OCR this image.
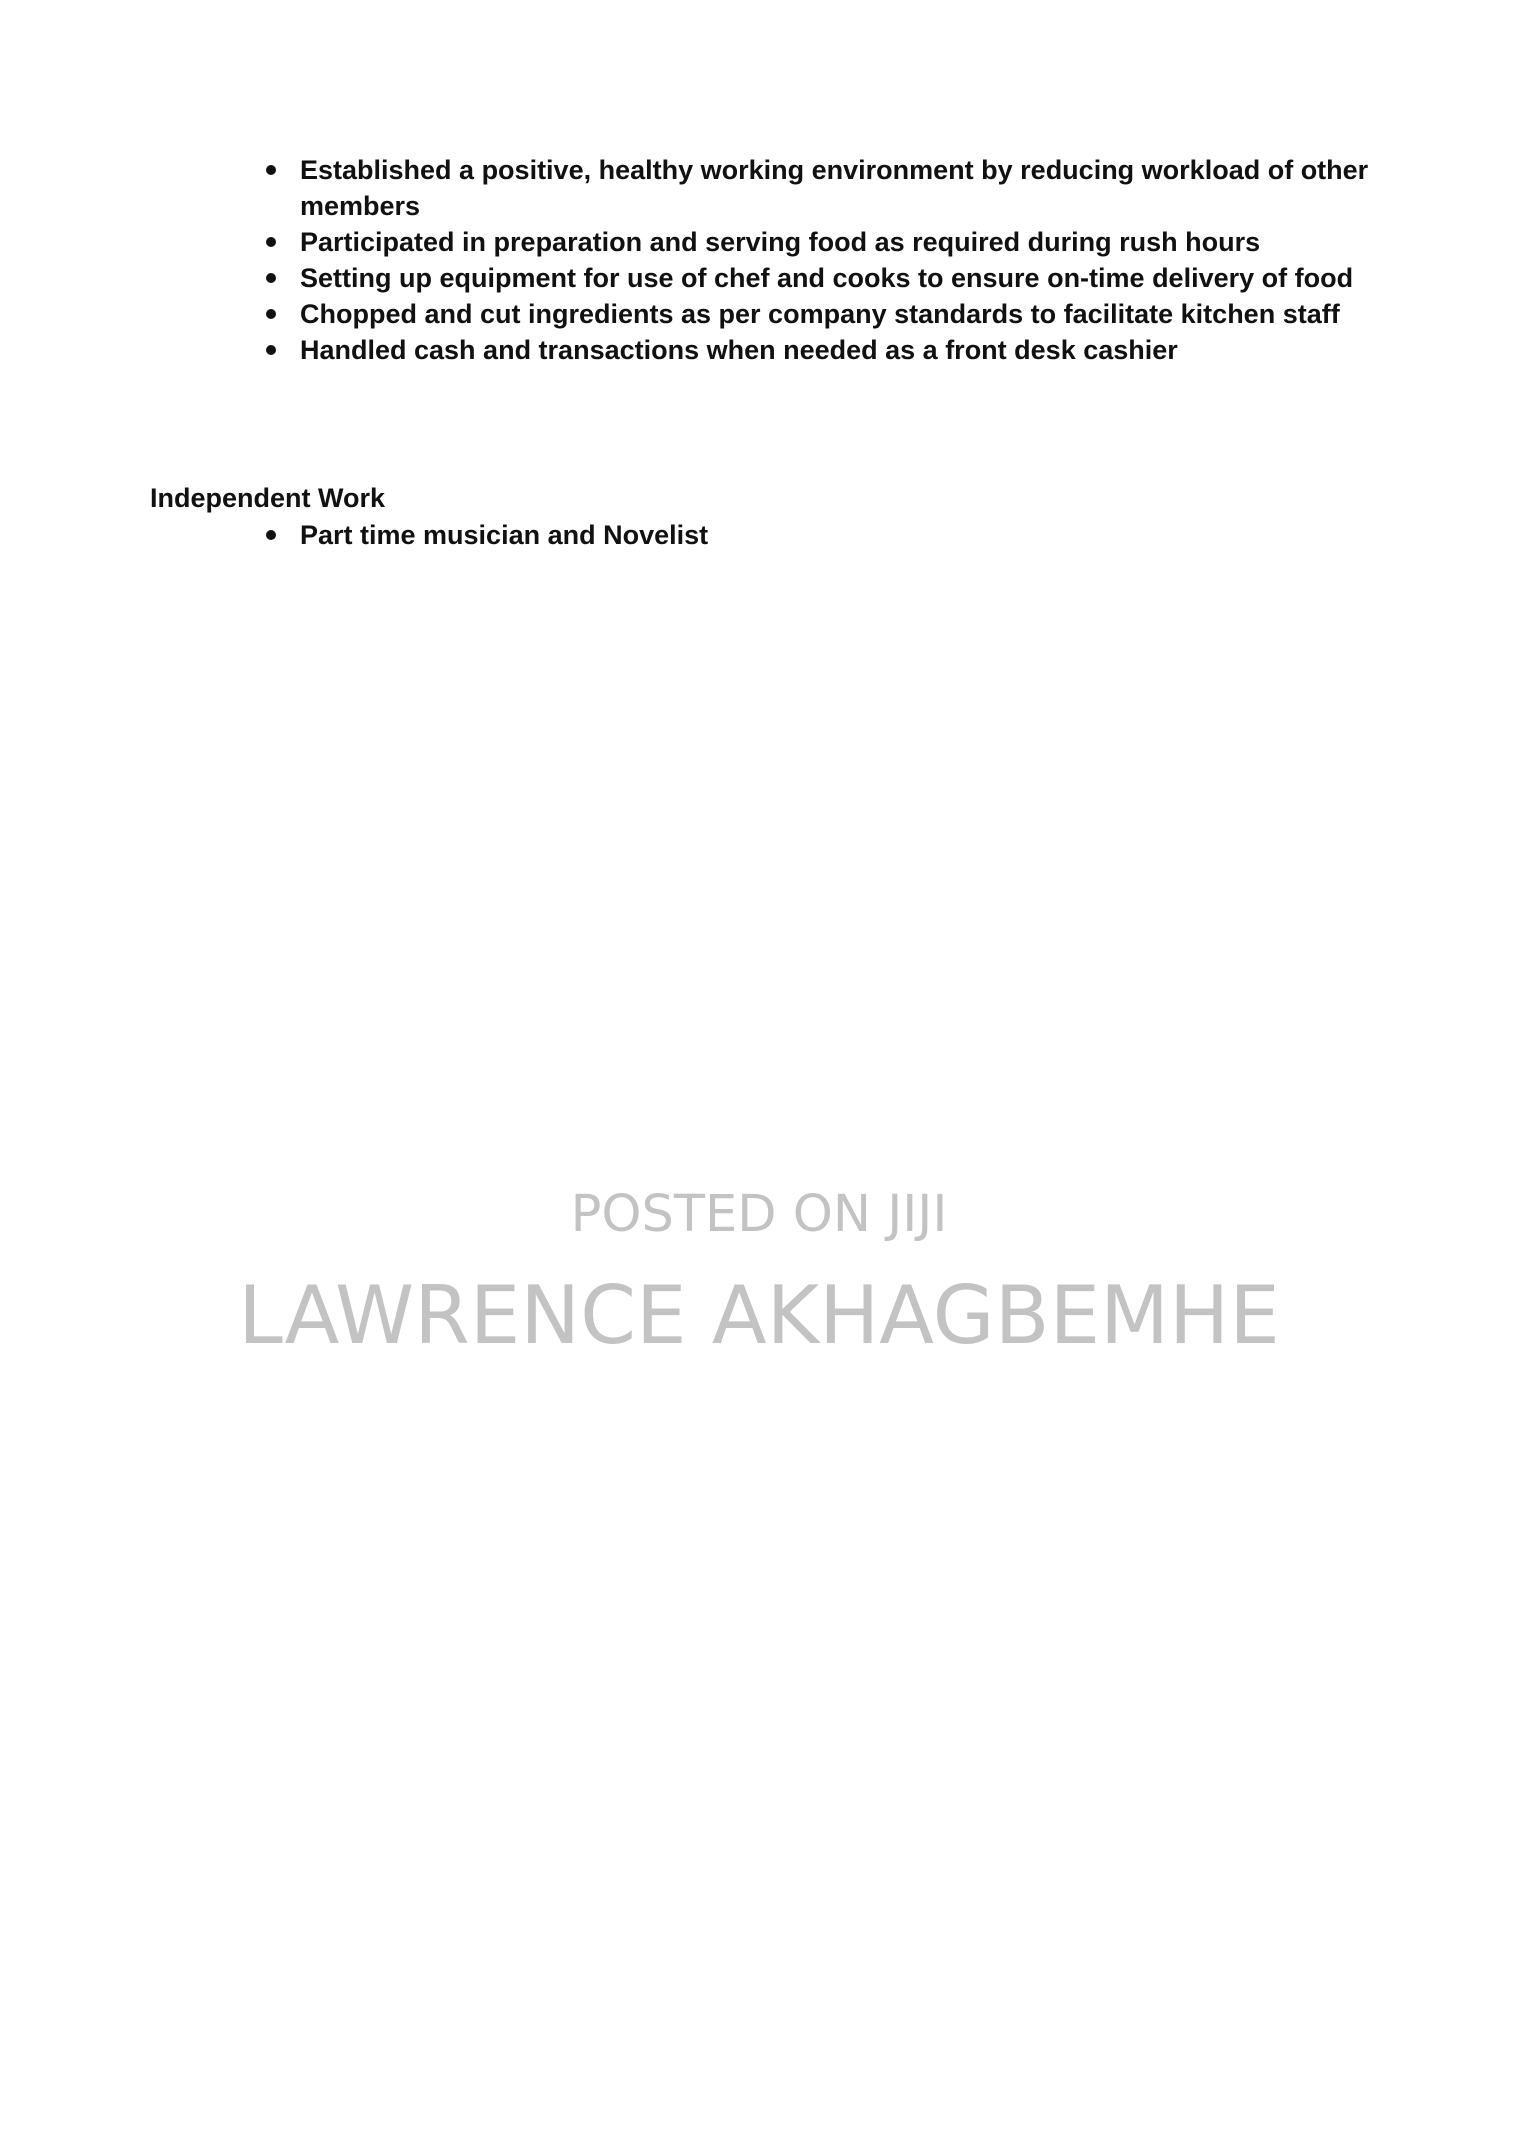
Established a positive, healthy working environment by reducing workload of other members
Participated in preparation and serving food as required during rush hours
Setting up equipment for use of chef and cooks to ensure on-time delivery of food
Chopped and cut ingredients as per company standards to facilitate kitchen staff
Handled cash and transactions when needed as a front desk cashier
Independent Work
Part time musician and Novelist
POSTED ON JIJI
LAWRENCE AKHAGBEMHE
